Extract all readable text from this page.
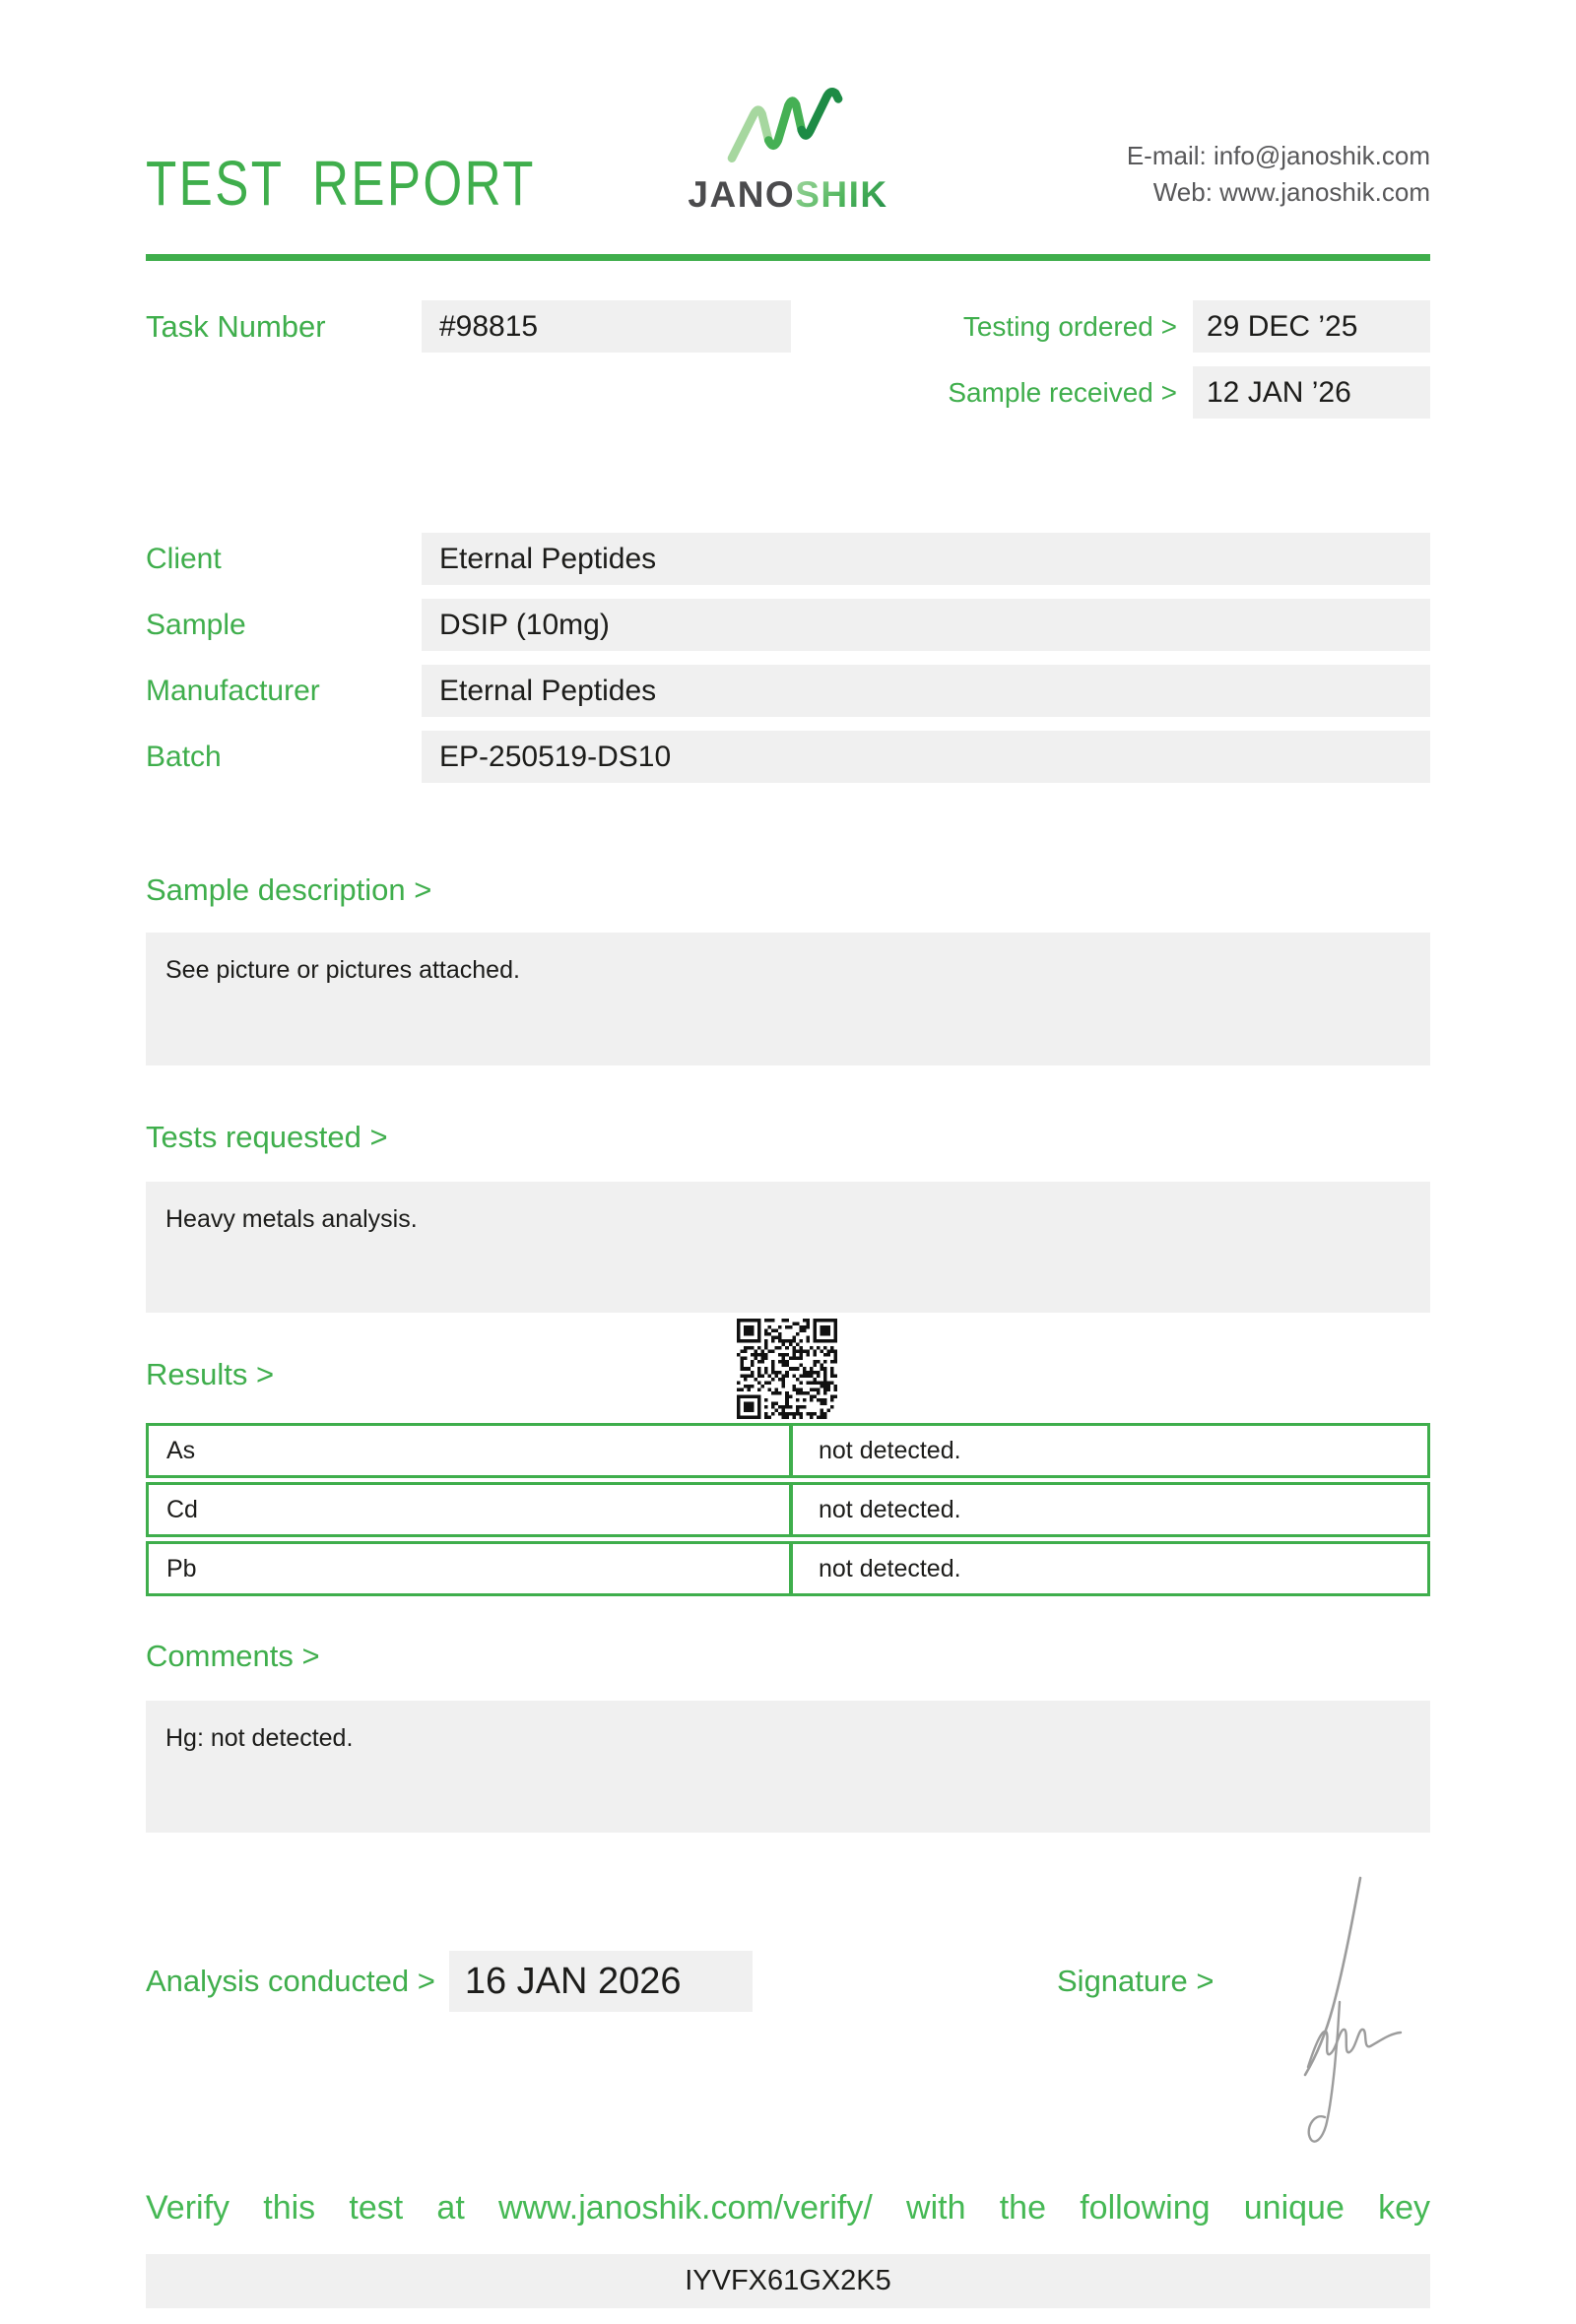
TEST REPORT	JANOSHIK
E-mail: info@janoshik.com
Web: www.janoshik.com
Task Number	#98815	Testing ordered >	29 DEC ’25
Sample received >	12 JAN ’26
Client	Eternal Peptides
Sample	DSIP (10mg)
Manufacturer	Eternal Peptides
Batch	EP-250519-DS10
Sample description >
See picture or pictures attached.
Tests requested >
Heavy metals analysis.
Results >
As	not detected.
Cd	not detected.
Pb	not detected.
Comments >
Hg: not detected.
Analysis conducted > 16 JAN 2026	Signature >
Verify this test at www.janoshik.com/verify/ with the following unique key
IYVFX61GX2K5
